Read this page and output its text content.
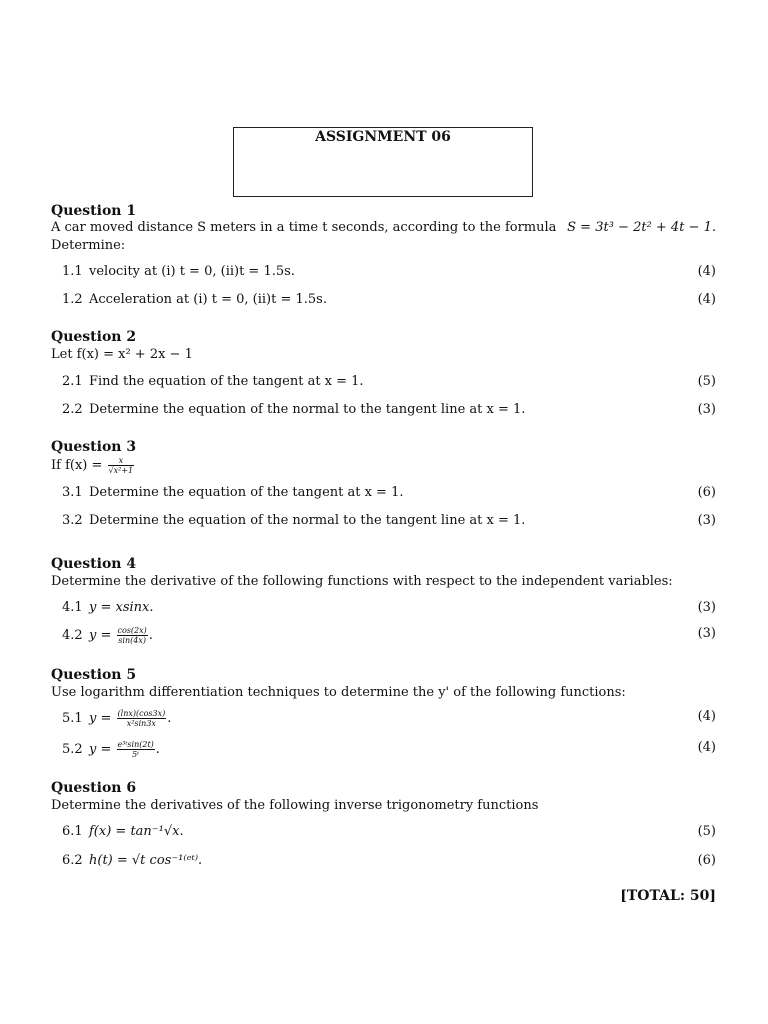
ASSIGNMENT 06
Question 1
A car moved distance S meters in a time t seconds, according to the formula S = 3t³ − 2t² + 4t − 1.
Determine:
1.1 velocity at (i) t = 0, (ii)t = 1.5s.	(4)
1.2 Acceleration at (i) t = 0, (ii)t = 1.5s.	(4)
Question 2
Let f(x) = x² + 2x − 1
2.1 Find the equation of the tangent at x = 1.	(5)
2.2 Determine the equation of the normal to the tangent line at x = 1.	(3)
Question 3
If $f(x) = \frac{x}{\text{√x²+1}}$
3.1 Determine the equation of the tangent at x = 1.	(6)
3.2 Determine the equation of the normal to the tangent line at x = 1.	(3)
Question 4
Determine the derivative of the following functions with respect to the independent variables:
4.1 y = xsinx.	(3)
4.2 $y = \frac{\cos(2x)}{\sin(4x)}$ .	(3)
Question 5
Use logarithm differentiation techniques to determine the y' of the following functions:
5.1 $y = \frac{(\ln x)(\cos 3x)}{\text{x²sin3x}}$ .	(4)
5.2 $y = \frac{\text{e³ᵗsin(2t)}}{\text{5ᵗ}}$ .	(4)
Question 6
Determine the derivatives of the following inverse trigonometry functions
6.1 f(x) = tan⁻¹√x.	(5)
6.2 h(t) = √t cos⁻¹⁽ᵉᵗ⁾.	(6)
[TOTAL: 50]
